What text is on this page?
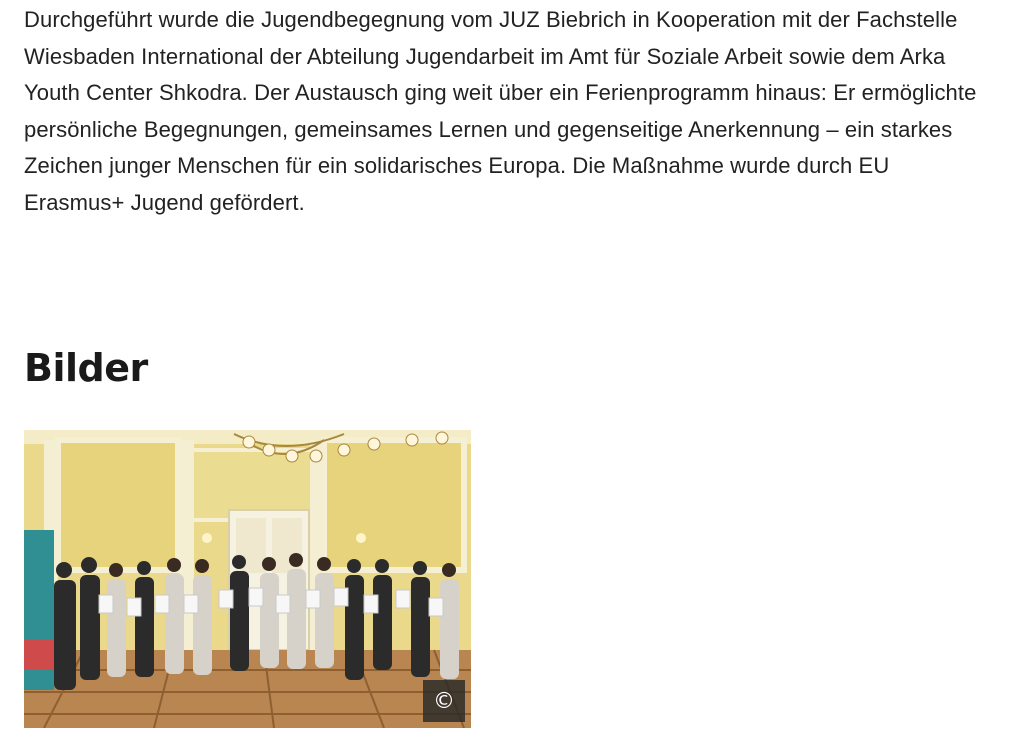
Durchgeführt wurde die Jugendbegegnung vom JUZ Biebrich in Kooperation mit der Fachstelle Wiesbaden International der Abteilung Jugendarbeit im Amt für Soziale Arbeit sowie dem Arka Youth Center Shkodra. Der Austausch ging weit über ein Ferienprogramm hinaus: Er ermöglichte persönliche Begegnungen, gemeinsames Lernen und gegenseitige Anerkennung – ein starkes Zeichen junger Menschen für ein solidarisches Europa. Die Maßnahme wurde durch EU Erasmus+ Jugend gefördert.

Bilder
©
